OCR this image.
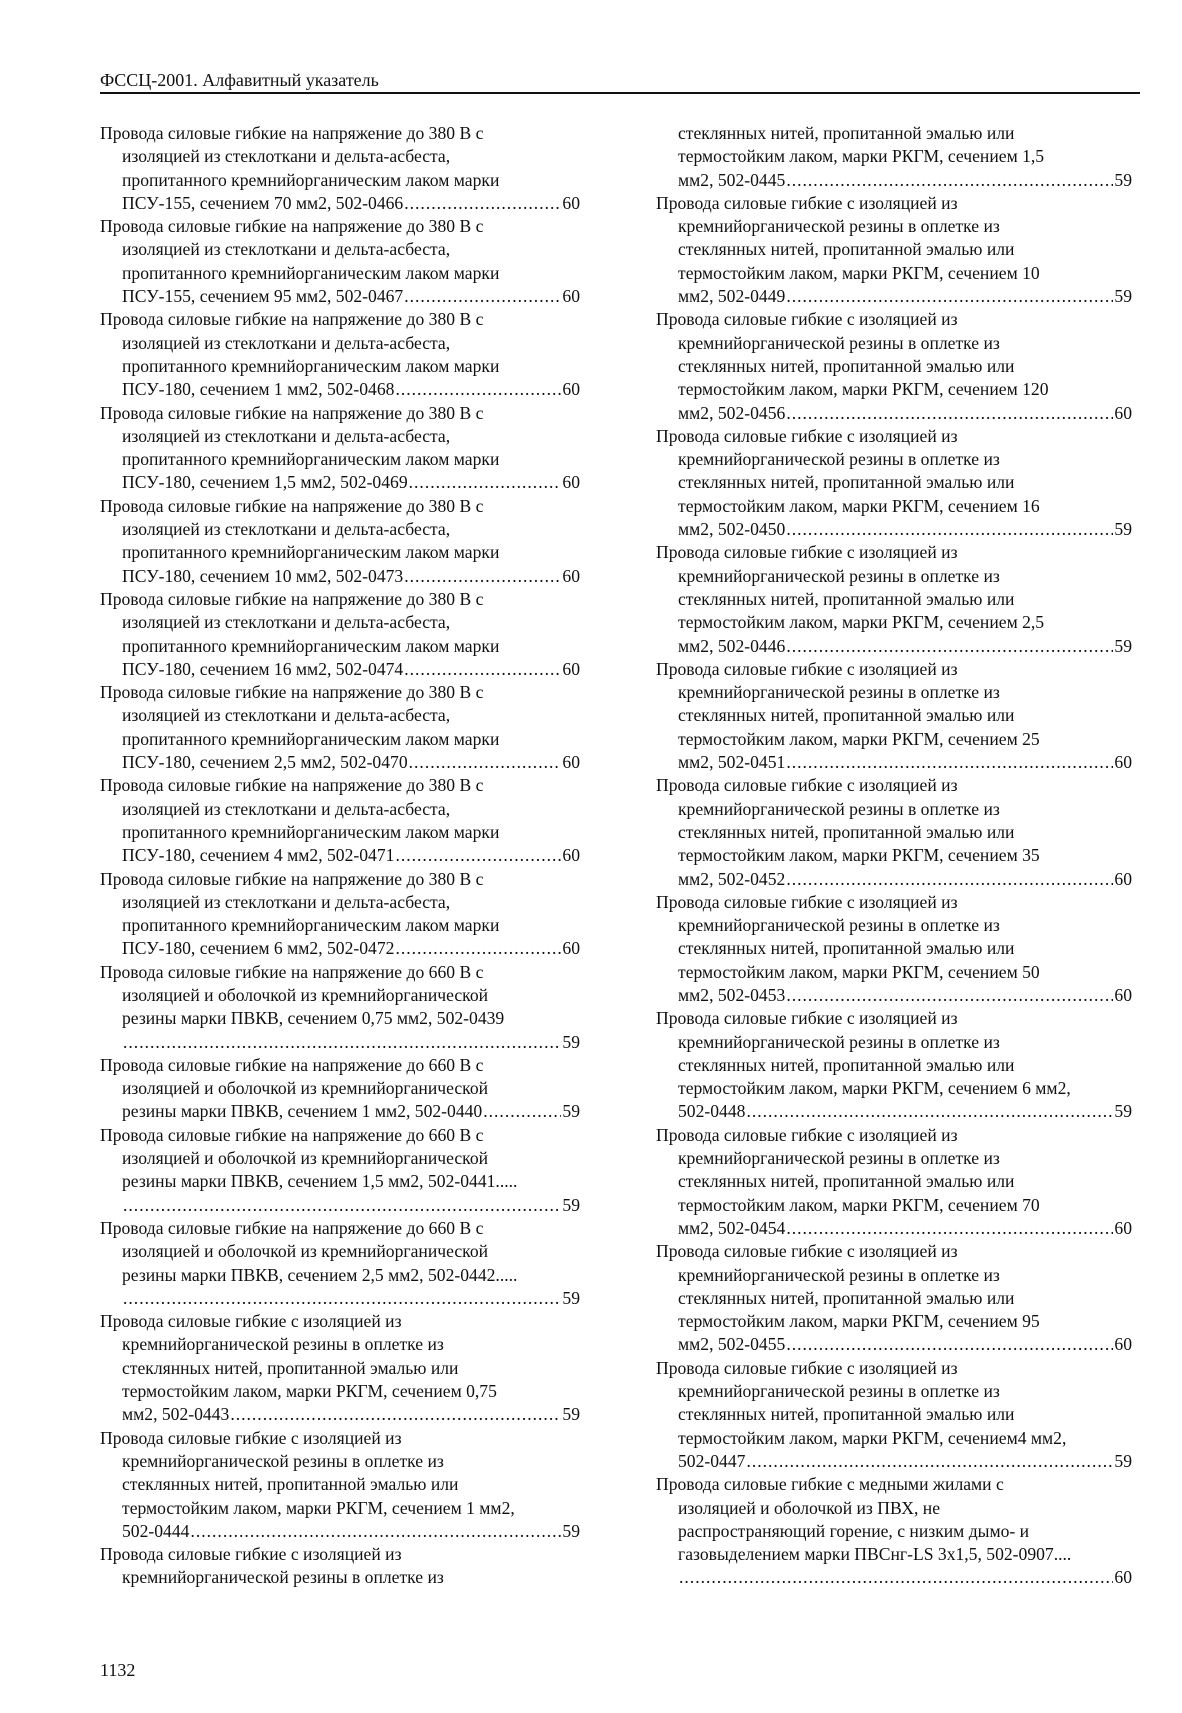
ФССЦ-2001. Алфавитный указатель
Провода силовые гибкие на напряжение до 380 В с
изоляцией из стеклоткани и дельта-асбеста,
пропитанного кремнийорганическим лаком марки
ПСУ-155, сечением 70 мм2, 502-0466 .....	60
Провода силовые гибкие на напряжение до 380 В с
изоляцией из стеклоткани и дельта-асбеста,
пропитанного кремнийорганическим лаком марки
ПСУ-155, сечением 95 мм2, 502-0467 .....	60
Провода силовые гибкие на напряжение до 380 В с
изоляцией из стеклоткани и дельта-асбеста,
пропитанного кремнийорганическим лаком марки
ПСУ-180, сечением 1 мм2, 502-0468 .....	60
Провода силовые гибкие на напряжение до 380 В с
изоляцией из стеклоткани и дельта-асбеста,
пропитанного кремнийорганическим лаком марки
ПСУ-180, сечением 1,5 мм2, 502-0469 .....	60
Провода силовые гибкие на напряжение до 380 В с
изоляцией из стеклоткани и дельта-асбеста,
пропитанного кремнийорганическим лаком марки
ПСУ-180, сечением 10 мм2, 502-0473 .....	60
Провода силовые гибкие на напряжение до 380 В с
изоляцией из стеклоткани и дельта-асбеста,
пропитанного кремнийорганическим лаком марки
ПСУ-180, сечением 16 мм2, 502-0474 .....	60
Провода силовые гибкие на напряжение до 380 В с
изоляцией из стеклоткани и дельта-асбеста,
пропитанного кремнийорганическим лаком марки
ПСУ-180, сечением 2,5 мм2, 502-0470 .....	60
Провода силовые гибкие на напряжение до 380 В с
изоляцией из стеклоткани и дельта-асбеста,
пропитанного кремнийорганическим лаком марки
ПСУ-180, сечением 4 мм2, 502-0471 .....	60
Провода силовые гибкие на напряжение до 380 В с
изоляцией из стеклоткани и дельта-асбеста,
пропитанного кремнийорганическим лаком марки
ПСУ-180, сечением 6 мм2, 502-0472 .....	60
Провода силовые гибкие на напряжение до 660 В с
изоляцией и оболочкой из кремнийорганической
резины марки ПВКВ, сечением 0,75 мм2, 502-0439
.....
59
Провода силовые гибкие на напряжение до 660 В с
изоляцией и оболочкой из кремнийорганической
резины марки ПВКВ, сечением 1 мм2, 502-0440 .....	59
Провода силовые гибкие на напряжение до 660 В с
изоляцией и оболочкой из кремнийорганической
резины марки ПВКВ, сечением 1,5 мм2, 502-0441.....
.....
59
Провода силовые гибкие на напряжение до 660 В с
изоляцией и оболочкой из кремнийорганической
резины марки ПВКВ, сечением 2,5 мм2, 502-0442.....
.....
59
Провода силовые гибкие с изоляцией из
кремнийорганической резины в оплетке из
стеклянных нитей, пропитанной эмалью или
термостойким лаком, марки РКГМ, сечением 0,75
мм2, 502-0443 .....	59
Провода силовые гибкие с изоляцией из
кремнийорганической резины в оплетке из
стеклянных нитей, пропитанной эмалью или
термостойким лаком, марки РКГМ, сечением 1 мм2,
502-0444 .....	59
Провода силовые гибкие с изоляцией из
кремнийорганической резины в оплетке из
стеклянных нитей, пропитанной эмалью или
термостойким лаком, марки РКГМ, сечением 1,5
мм2, 502-0445 .....	59
Провода силовые гибкие с изоляцией из
кремнийорганической резины в оплетке из
стеклянных нитей, пропитанной эмалью или
термостойким лаком, марки РКГМ, сечением 10
мм2, 502-0449 .....	59
Провода силовые гибкие с изоляцией из
кремнийорганической резины в оплетке из
стеклянных нитей, пропитанной эмалью или
термостойким лаком, марки РКГМ, сечением 120
мм2, 502-0456 .....	60
Провода силовые гибкие с изоляцией из
кремнийорганической резины в оплетке из
стеклянных нитей, пропитанной эмалью или
термостойким лаком, марки РКГМ, сечением 16
мм2, 502-0450 .....	59
Провода силовые гибкие с изоляцией из
кремнийорганической резины в оплетке из
стеклянных нитей, пропитанной эмалью или
термостойким лаком, марки РКГМ, сечением 2,5
мм2, 502-0446 .....	59
Провода силовые гибкие с изоляцией из
кремнийорганической резины в оплетке из
стеклянных нитей, пропитанной эмалью или
термостойким лаком, марки РКГМ, сечением 25
мм2, 502-0451 .....	60
Провода силовые гибкие с изоляцией из
кремнийорганической резины в оплетке из
стеклянных нитей, пропитанной эмалью или
термостойким лаком, марки РКГМ, сечением 35
мм2, 502-0452 .....	60
Провода силовые гибкие с изоляцией из
кремнийорганической резины в оплетке из
стеклянных нитей, пропитанной эмалью или
термостойким лаком, марки РКГМ, сечением 50
мм2, 502-0453 .....	60
Провода силовые гибкие с изоляцией из
кремнийорганической резины в оплетке из
стеклянных нитей, пропитанной эмалью или
термостойким лаком, марки РКГМ, сечением 6 мм2,
502-0448 .....	59
Провода силовые гибкие с изоляцией из
кремнийорганической резины в оплетке из
стеклянных нитей, пропитанной эмалью или
термостойким лаком, марки РКГМ, сечением 70
мм2, 502-0454 .....	60
Провода силовые гибкие с изоляцией из
кремнийорганической резины в оплетке из
стеклянных нитей, пропитанной эмалью или
термостойким лаком, марки РКГМ, сечением 95
мм2, 502-0455 .....	60
Провода силовые гибкие с изоляцией из
кремнийорганической резины в оплетке из
стеклянных нитей, пропитанной эмалью или
термостойким лаком, марки РКГМ, сечением4 мм2,
502-0447 .....	59
Провода силовые гибкие с медными жилами с
изоляцией и оболочкой из ПВХ, не
распространяющий горение, с низким дымо- и
газовыделением марки ПВСнг-LS 3х1,5, 502-0907....
.....
60
1132
